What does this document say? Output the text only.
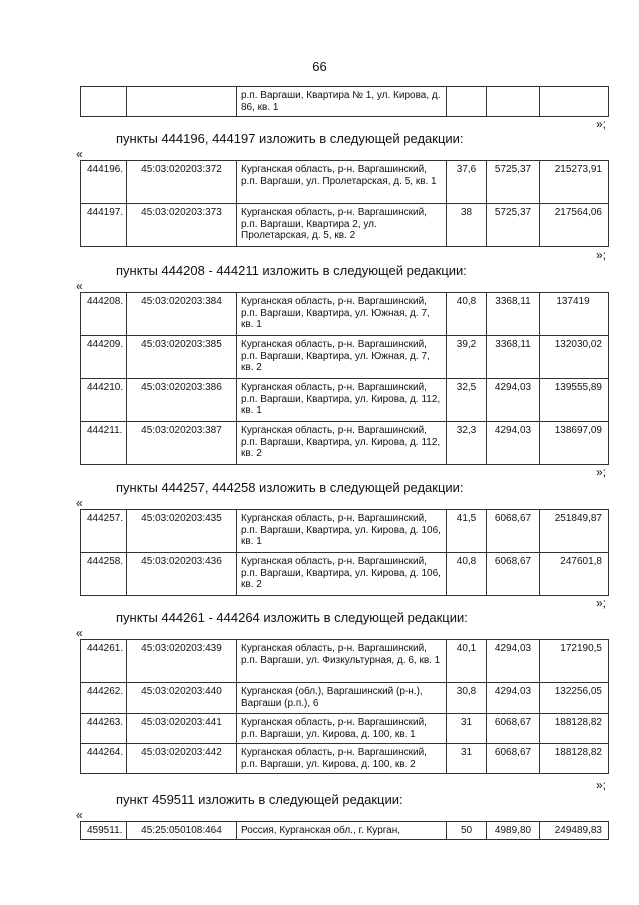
66
		р.п. Варгаши, Квартира № 1, ул. Кирова, д. 86, кв. 1			
»;
пункты 444196, 444197 изложить в следующей редакции:
«
444196.	45:03:020203:372	Курганская область, р-н. Варгашинский, р.п. Варгаши, ул. Пролетарская, д. 5, кв. 1	37,6	5725,37	215273,91
444197.	45:03:020203:373	Курганская область, р-н. Варгашинский, р.п. Варгаши, Квартира 2, ул. Пролетарская, д. 5, кв. 2	38	5725,37	217564,06
»;
пункты 444208 - 444211 изложить в следующей редакции:
«
444208.	45:03:020203:384	Курганская область, р-н. Варгашинский, р.п. Варгаши, Квартира, ул. Южная, д. 7, кв. 1	40,8	3368,11	137419
444209.	45:03:020203:385	Курганская область, р-н. Варгашинский, р.п. Варгаши, Квартира, ул. Южная, д. 7, кв. 2	39,2	3368,11	132030,02
444210.	45:03:020203:386	Курганская область, р-н. Варгашинский, р.п. Варгаши, Квартира, ул. Кирова, д. 112, кв. 1	32,5	4294,03	139555,89
444211.	45:03:020203:387	Курганская область, р-н. Варгашинский, р.п. Варгаши, Квартира, ул. Кирова, д. 112, кв. 2	32,3	4294,03	138697,09
»;
пункты 444257, 444258 изложить в следующей редакции:
«
444257.	45:03:020203:435	Курганская область, р-н. Варгашинский, р.п. Варгаши, Квартира, ул. Кирова, д. 106, кв. 1	41,5	6068,67	251849,87
444258.	45:03:020203:436	Курганская область, р-н. Варгашинский, р.п. Варгаши, Квартира, ул. Кирова, д. 106, кв. 2	40,8	6068,67	247601,8
»;
пункты 444261 - 444264 изложить в следующей редакции:
«
444261.	45:03:020203:439	Курганская область, р-н. Варгашинский, р.п. Варгаши, ул. Физкультурная, д. 6, кв. 1	40,1	4294,03	172190,5
444262.	45:03:020203:440	Курганская (обл.), Варгашинский (р-н.), Варгаши (р.п.), 6	30,8	4294,03	132256,05
444263.	45:03:020203:441	Курганская область, р-н. Варгашинский, р.п. Варгаши, ул. Кирова, д. 100, кв. 1	31	6068,67	188128,82
444264.	45:03:020203:442	Курганская область, р-н. Варгашинский, р.п. Варгаши, ул. Кирова, д. 100, кв. 2	31	6068,67	188128,82
»;
пункт 459511 изложить в следующей редакции:
«
459511.	45:25:050108:464	Россия, Курганская обл., г. Курган,	50	4989,80	249489,83
